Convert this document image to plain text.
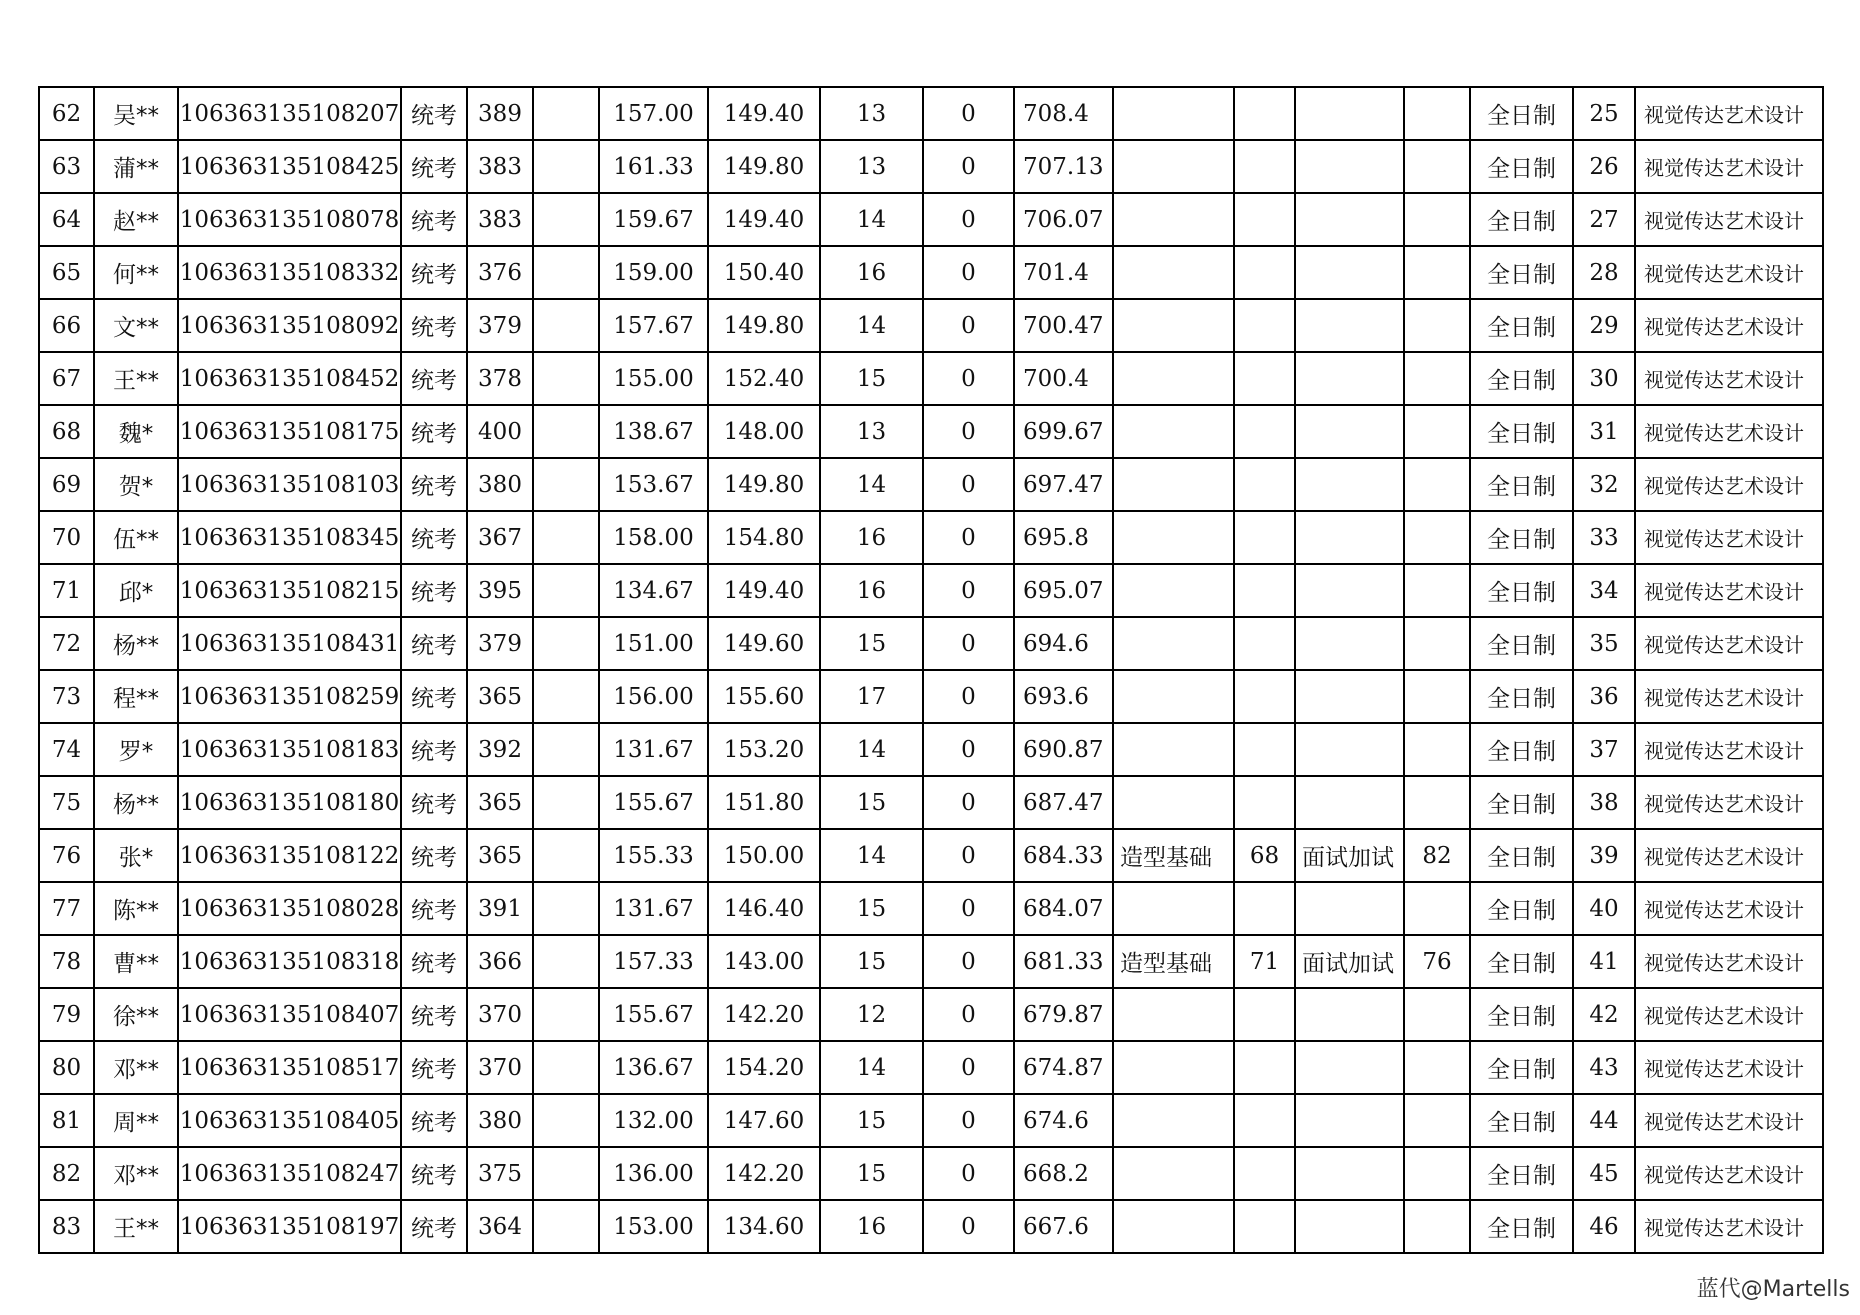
62	吴**	106363135108207	统考	389		157.00	149.40	13	0	708.4					全日制	25	视觉传达艺术设计
63	蒲**	106363135108425	统考	383		161.33	149.80	13	0	707.13					全日制	26	视觉传达艺术设计
64	赵**	106363135108078	统考	383		159.67	149.40	14	0	706.07					全日制	27	视觉传达艺术设计
65	何**	106363135108332	统考	376		159.00	150.40	16	0	701.4					全日制	28	视觉传达艺术设计
66	文**	106363135108092	统考	379		157.67	149.80	14	0	700.47					全日制	29	视觉传达艺术设计
67	王**	106363135108452	统考	378		155.00	152.40	15	0	700.4					全日制	30	视觉传达艺术设计
68	魏*	106363135108175	统考	400		138.67	148.00	13	0	699.67					全日制	31	视觉传达艺术设计
69	贺*	106363135108103	统考	380		153.67	149.80	14	0	697.47					全日制	32	视觉传达艺术设计
70	伍**	106363135108345	统考	367		158.00	154.80	16	0	695.8					全日制	33	视觉传达艺术设计
71	邱*	106363135108215	统考	395		134.67	149.40	16	0	695.07					全日制	34	视觉传达艺术设计
72	杨**	106363135108431	统考	379		151.00	149.60	15	0	694.6					全日制	35	视觉传达艺术设计
73	程**	106363135108259	统考	365		156.00	155.60	17	0	693.6					全日制	36	视觉传达艺术设计
74	罗*	106363135108183	统考	392		131.67	153.20	14	0	690.87					全日制	37	视觉传达艺术设计
75	杨**	106363135108180	统考	365		155.67	151.80	15	0	687.47					全日制	38	视觉传达艺术设计
76	张*	106363135108122	统考	365		155.33	150.00	14	0	684.33	造型基础	68	面试加试	82	全日制	39	视觉传达艺术设计
77	陈**	106363135108028	统考	391		131.67	146.40	15	0	684.07					全日制	40	视觉传达艺术设计
78	曹**	106363135108318	统考	366		157.33	143.00	15	0	681.33	造型基础	71	面试加试	76	全日制	41	视觉传达艺术设计
79	徐**	106363135108407	统考	370		155.67	142.20	12	0	679.87					全日制	42	视觉传达艺术设计
80	邓**	106363135108517	统考	370		136.67	154.20	14	0	674.87					全日制	43	视觉传达艺术设计
81	周**	106363135108405	统考	380		132.00	147.60	15	0	674.6					全日制	44	视觉传达艺术设计
82	邓**	106363135108247	统考	375		136.00	142.20	15	0	668.2					全日制	45	视觉传达艺术设计
83	王**	106363135108197	统考	364		153.00	134.60	16	0	667.6					全日制	46	视觉传达艺术设计
蓝代@Martells
